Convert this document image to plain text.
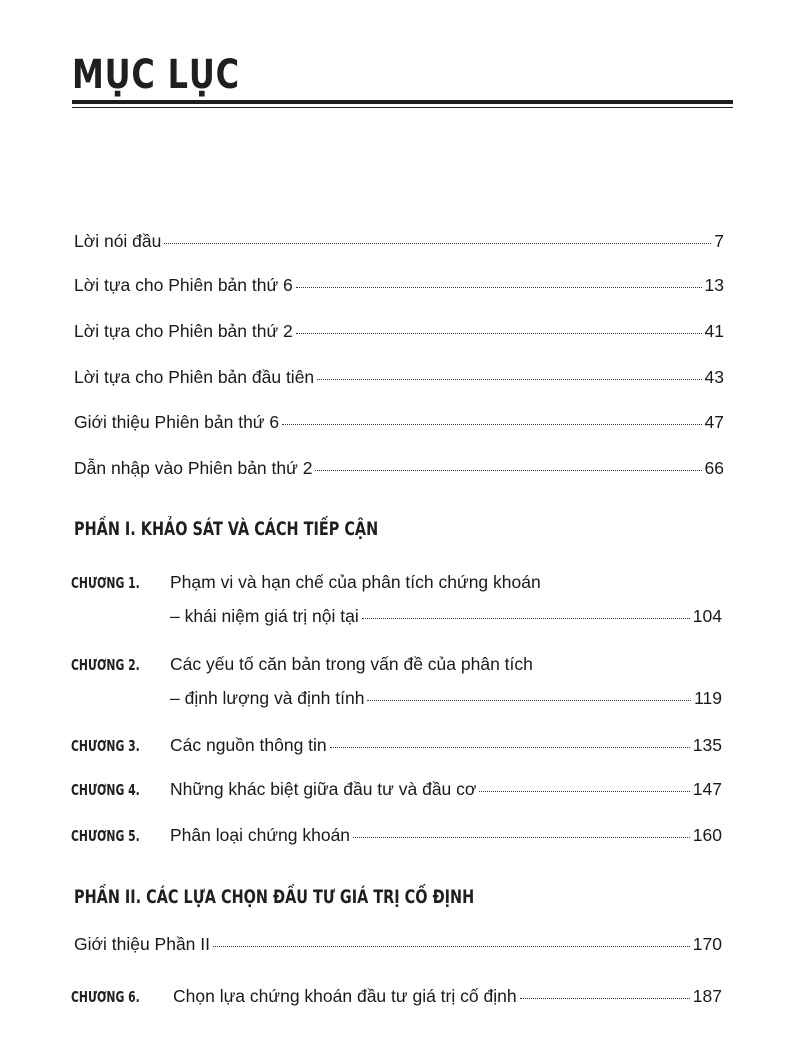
MỤC LỤC
Lời nói đầu	7
Lời tựa cho Phiên bản thứ 6	13
Lời tựa cho Phiên bản thứ 2	41
Lời tựa cho Phiên bản đầu tiên	43
Giới thiệu Phiên bản thứ 6	47
Dẫn nhập vào Phiên bản thứ 2	66
PHẦN I. KHẢO SÁT VÀ CÁCH TIẾP CẬN
CHƯƠNG 1. Phạm vi và hạn chế của phân tích chứng khoán
– khái niệm giá trị nội tại	104
CHƯƠNG 2. Các yếu tố căn bản trong vấn đề của phân tích
– định lượng và định tính	119
CHƯƠNG 3. Các nguồn thông tin	135
CHƯƠNG 4. Những khác biệt giữa đầu tư và đầu cơ	147
CHƯƠNG 5. Phân loại chứng khoán	160
PHẦN II. CÁC LỰA CHỌN ĐẦU TƯ GIÁ TRỊ CỐ ĐỊNH
Giới thiệu Phần II	170
CHƯƠNG 6. Chọn lựa chứng khoán đầu tư giá trị cố định	187
